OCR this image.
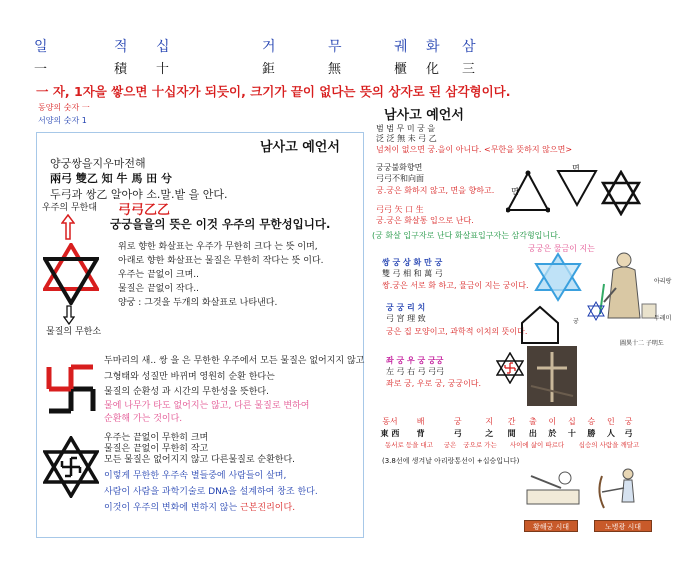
일	적 십	거	무	궤 화 삼
一	積 十	鉅	無	櫃 化 三
一 자, 1자을 쌓으면 十십자가 되듯이, 크기가 끝이 없다는 뜻의 상자로 된 삼각형이다.
동양의 숫자 一
서양의 숫자 1
남사고 예언서
양궁쌍을지우마전해
兩弓 雙乙 知 牛 馬 田 兮
두弓과 쌍乙 알아야 소.말.밭 을 안다.
우주의 무한대
물질의 무한소
弓弓乙乙
궁궁을을의 뜻은 이것 우주의 무한성입니다.
위로 향한 화살표는 우주가 무한히 크다 는 뜻 이며,
아래로 향한 화살표는 물질은 무한히 작다는 뜻 이다.
우주는 끝없이 크며..
물질은 끝없이 작다..
양궁 : 그것을 두개의 화살표로 나타낸다.
두마리의 새.. 쌍 을 은 무한한 우주에서 모든 물질은 없어지지 않고
그형태와 성질만 바뀌며 영원히 순환 한다는
물질의 순환성 과 시간의 무한성을 뜻한다.
물에 나무가 타도 없어지는 않고, 다른 물질로 변하여
순환해 가는 것이다.
우주는 끝없이 무한히 크며
물질은 끝없이 무한히 작고
모든 물질은 없어지지 않고 다른물질로 순환한다.
이렇게 무한한 우주속 별들중에 사람들이 살며,
사람이 사람을 과학기술로 DNA을 설계하여 창조 한다.
이것이 우주의 변화에 변하지 않는 근본진리이다.
남사고 예언서
범 범 무 미 궁 을
泛 泛 無 未 弓 乙
넘쳐이 없으면 궁.을이 아니다. <무한을 뜻하지 않으면>
궁궁불화향면
弓弓不和向面
궁.궁은 화하지 않고, 면을 향하고.
弓弓 矢 口 生
궁.궁은 화살통 입으로 난다.
(궁 화살 입구자로 난다 화살표입구자는 삼각형입니다.
면
면
궁궁은 물금이 지는
쌍 궁 상 화 만 궁
雙 弓 相 和 萬 弓
쌍.궁은 서로 화 하고, 물금이 지는 궁이다.
궁 궁 리 치
弓 宮 理 致
궁은 집 모양이고, 과학적 이치의 뜻이다.
아리랑
궁	두레미
圖異十二 子明도
좌 궁 우 궁 궁궁
左 弓 右 弓 弓弓
좌로 궁, 우로 궁, 궁궁이다.
동서	배	궁	지	간	출	이	십	승	인	궁
東 西	背	弓	之	間	出	於	十	勝	人	弓
동서로 등을 대고	궁은	궁으로 가는	사이에 삶이 따르다	십승의 사람을 깨달고
(3.8선에 생겨날 아리랑통선이 +십승입니다)
황해궁 시대	노병광 시대
